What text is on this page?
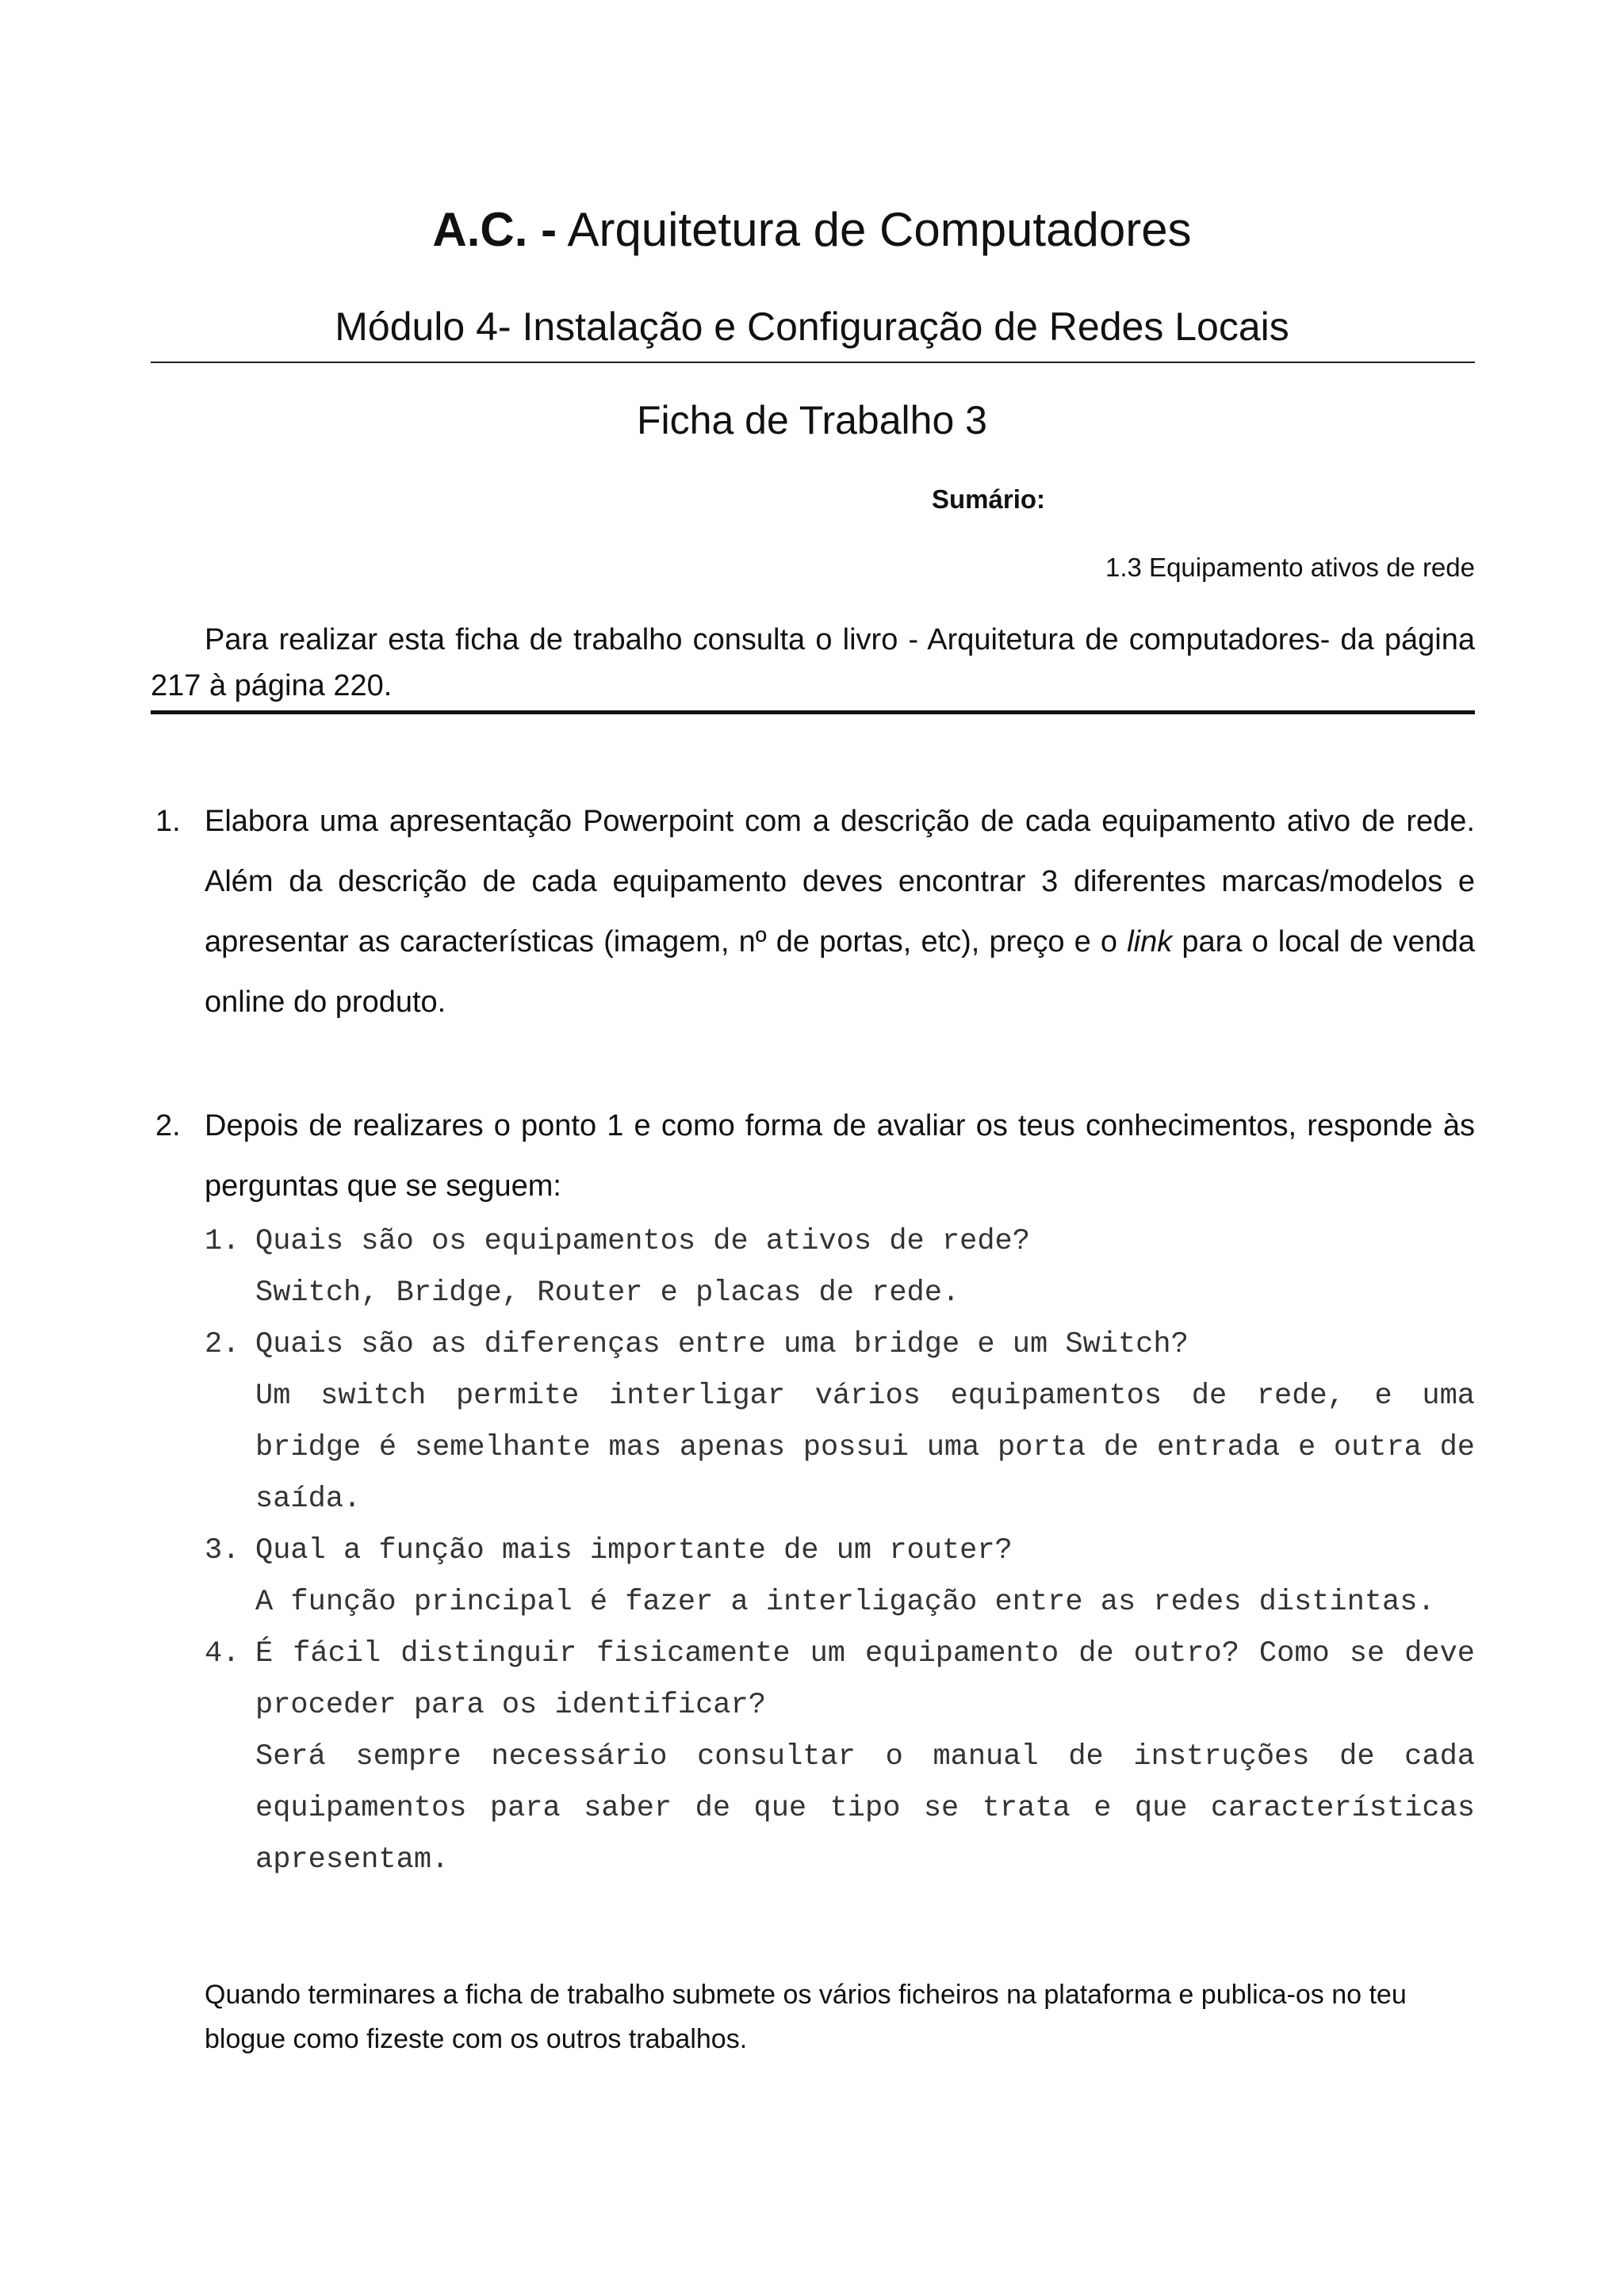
A.C. - Arquitetura de Computadores
Módulo 4- Instalação e Configuração de Redes Locais
Ficha de Trabalho 3
Sumário:
1.3 Equipamento ativos de rede

Para realizar esta ficha de trabalho consulta o livro - Arquitetura de computadores- da página 217 à página 220.

1. Elabora uma apresentação Powerpoint com a descrição de cada equipamento ativo de rede. Além da descrição de cada equipamento deves encontrar 3 diferentes marcas/modelos e apresentar as características (imagem, nº de portas, etc), preço e o link para o local de venda online do produto.
2. Depois de realizares o ponto 1 e como forma de avaliar os teus conhecimentos, responde às perguntas que se seguem:
1. Quais são os equipamentos de ativos de rede?
Switch, Bridge, Router e placas de rede.
2. Quais são as diferenças entre uma bridge e um Switch?
Um switch permite interligar vários equipamentos de rede, e uma bridge é semelhante mas apenas possui uma porta de entrada e outra de saída.
3. Qual a função mais importante de um router?
A função principal é fazer a interligação entre as redes distintas.
4. É fácil distinguir fisicamente um equipamento de outro? Como se deve proceder para os identificar?
Será sempre necessário consultar o manual de instruções de cada equipamentos para saber de que tipo se trata e que características apresentam.

Quando terminares a ficha de trabalho submete os vários ficheiros na plataforma e publica-os no teu blogue como fizeste com os outros trabalhos.
